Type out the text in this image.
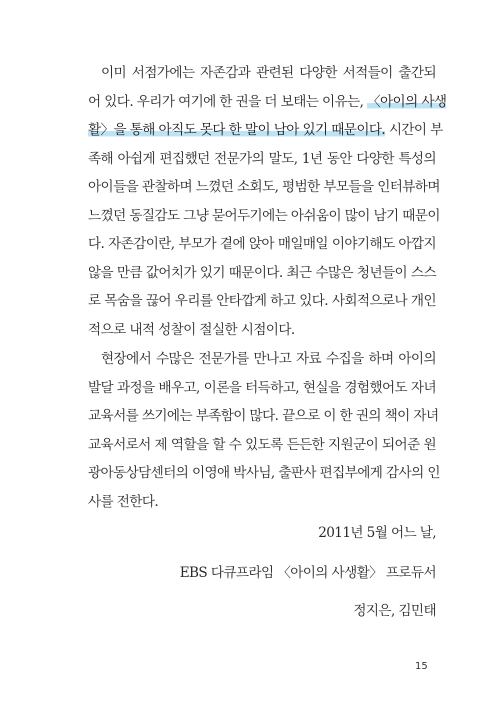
이미 서점가에는 자존감과 관련된 다양한 서적들이 출간되
어 있다. 우리가 여기에 한 권을 더 보태는 이유는, 〈아이의 사생
활〉을 통해 아직도 못다 한 말이 남아 있기 때문이다. 시간이 부
족해 아쉽게 편집했던 전문가의 말도, 1년 동안 다양한 특성의
아이들을 관찰하며 느꼈던 소회도, 평범한 부모들을 인터뷰하며
느꼈던 동질감도 그냥 묻어두기에는 아쉬움이 많이 남기 때문이
다. 자존감이란, 부모가 곁에 앉아 매일매일 이야기해도 아깝지
않을 만큼 값어치가 있기 때문이다. 최근 수많은 청년들이 스스
로 목숨을 끊어 우리를 안타깝게 하고 있다. 사회적으로나 개인
적으로 내적 성찰이 절실한 시점이다.
현장에서 수많은 전문가를 만나고 자료 수집을 하며 아이의
발달 과정을 배우고, 이론을 터득하고, 현실을 경험했어도 자녀
교육서를 쓰기에는 부족함이 많다. 끝으로 이 한 권의 책이 자녀
교육서로서 제 역할을 할 수 있도록 든든한 지원군이 되어준 원
광아동상담센터의 이영애 박사님, 출판사 편집부에게 감사의 인
사를 전한다.
2011년 5월 어느 날,
EBS 다큐프라임 〈아이의 사생활〉 프로듀서
정지은, 김민태
15
